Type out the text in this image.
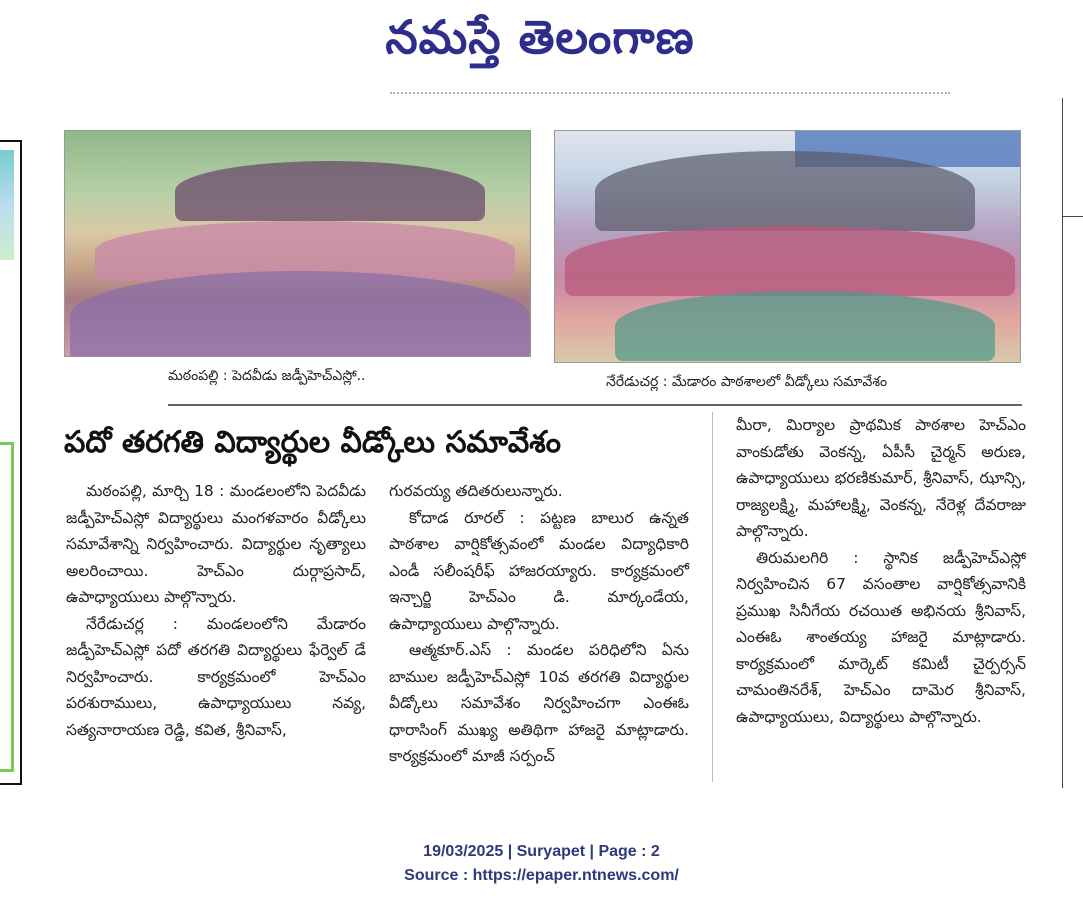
నమస్తే తెలంగాణ
మఠంపల్లి : పెదవీడు జడ్పీహెచ్ఎస్లో..	నేరేడుచర్ల : మేడారం పాఠశాలలో వీడ్కోలు సమావేశం
పదో తరగతి విద్యార్థుల వీడ్కోలు సమావేశం

మఠంపల్లి, మార్చి 18 : మండలంలోని పెదవీడు జడ్పీహెచ్ఎస్లో విద్యార్థులు మంగళవారం వీడ్కోలు సమావేశాన్ని నిర్వహించారు. విద్యార్థుల నృత్యాలు అలరించాయి. హెచ్ఎం దుర్గాప్రసాద్, ఉపాధ్యాయులు పాల్గొన్నారు.

నేరేడుచర్ల : మండలంలోని మేడారం జడ్పీహెచ్ఎస్లో పదో తరగతి విద్యార్థులు ఫేర్వెల్ డే నిర్వహించారు. కార్యక్రమంలో హెచ్ఎం పరశురాములు, ఉపాధ్యాయులు నవ్య, సత్యనారాయణ రెడ్డి, కవిత, శ్రీనివాస్,

గురవయ్య తదితరులున్నారు.

కోదాడ రూరల్ : పట్టణ బాలుర ఉన్నత పాఠశాల వార్షికోత్సవంలో మండల విద్యాధికారి ఎండీ సలీంషరీఫ్ హాజరయ్యారు. కార్యక్రమంలో ఇన్చార్జి హెచ్ఎం డి. మార్కండేయ, ఉపాధ్యాయులు పాల్గొన్నారు.

ఆత్మకూర్.ఎస్ : మండల పరిధిలోని ఏను బాముల జడ్పీహెచ్ఎస్లో 10వ తరగతి విద్యార్థుల వీడ్కోలు సమావేశం నిర్వహించగా ఎంఈఓ ధారాసింగ్ ముఖ్య అతిథిగా హాజరై మాట్లాడారు. కార్యక్రమంలో మాజీ సర్పంచ్

మీరా, మిర్యాల ప్రాథమిక పాఠశాల హెచ్ఎం వాంకుడోతు వెంకన్న, ఏపీసీ చైర్మన్ అరుణ, ఉపాధ్యాయులు భరణికుమార్, శ్రీనివాస్, ఝాన్సి, రాజ్యలక్ష్మి, మహాలక్ష్మి, వెంకన్న, నేరెళ్ల దేవరాజు పాల్గొన్నారు.

తిరుమలగిరి : స్థానిక జడ్పీహెచ్ఎస్లో నిర్వహించిన 67 వసంతాల వార్షికోత్సవానికి ప్రముఖ సినీగేయ రచయిత అభినయ శ్రీనివాస్, ఎంఈఓ శాంతయ్య హాజరై మాట్లాడారు. కార్యక్రమంలో మార్కెట్ కమిటీ చైర్పర్సన్ చామంతినరేశ్, హెచ్ఎం దామెర శ్రీనివాస్, ఉపాధ్యాయులు, విద్యార్థులు పాల్గొన్నారు.

19/03/2025 | Suryapet | Page : 2
Source : https://epaper.ntnews.com/
